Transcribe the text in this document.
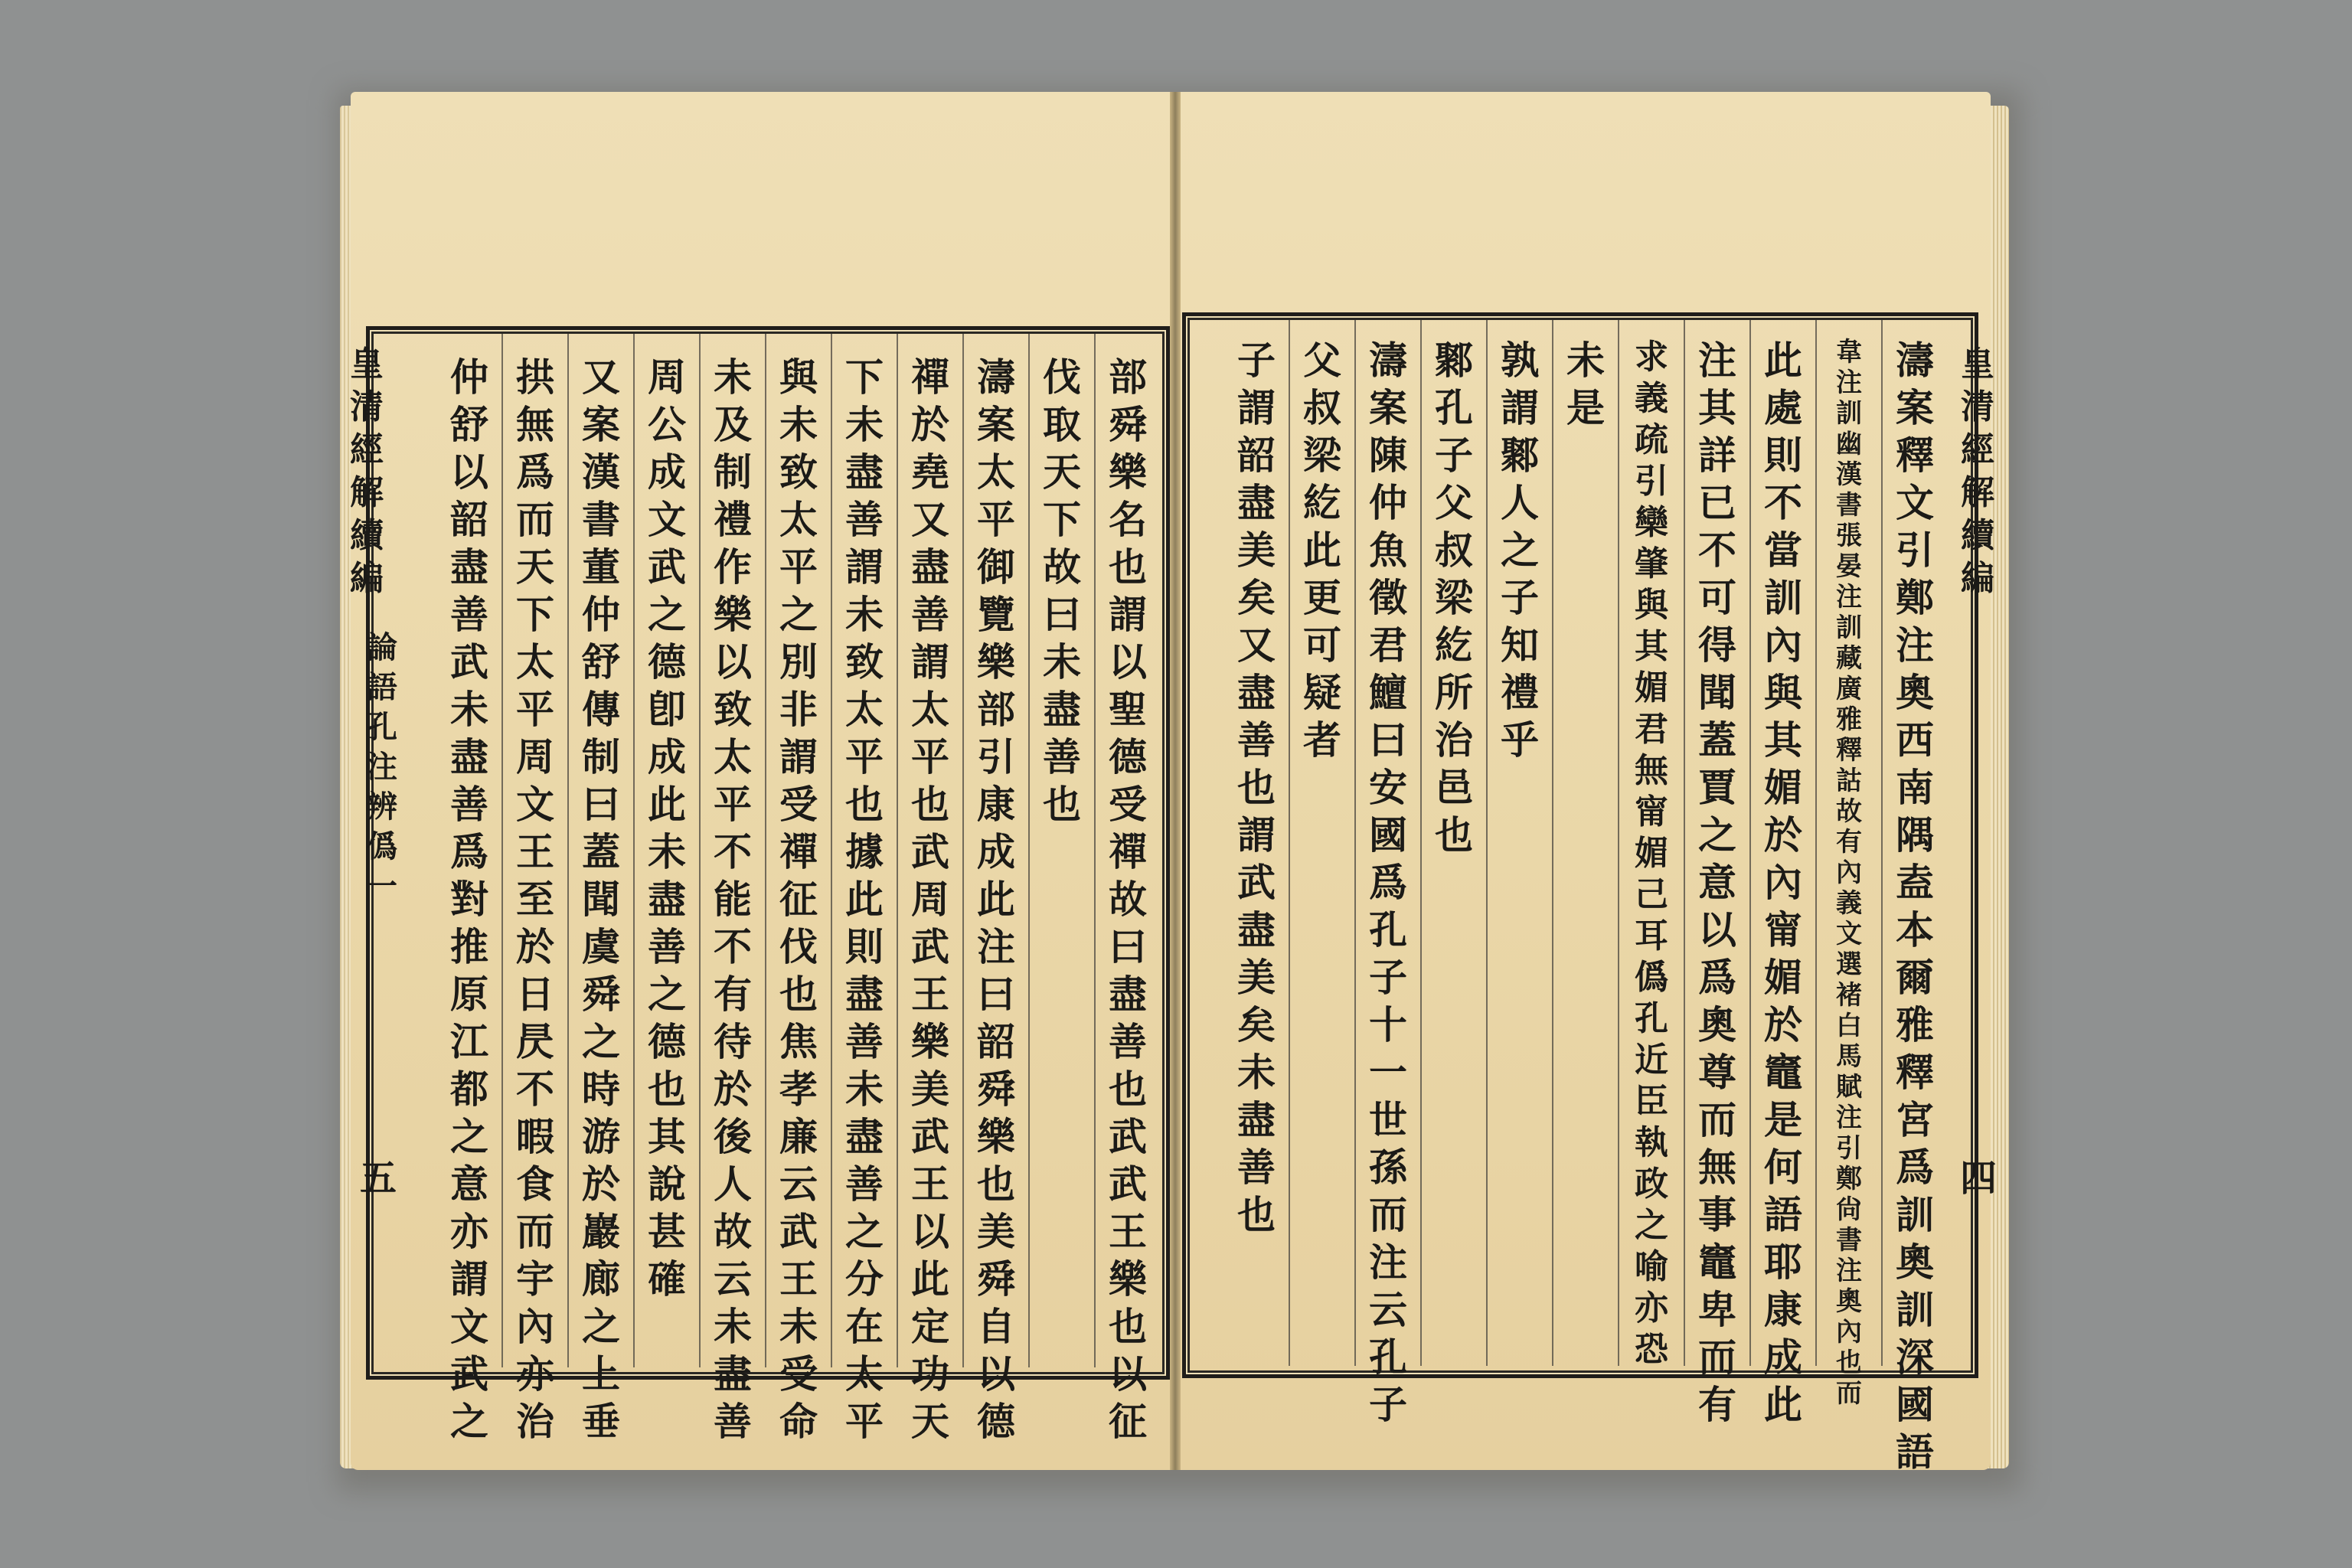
部
舜
樂
名
也
謂
以
聖
德
受
禪
故
曰
盡
善
也
武
武
王
樂
也
以
征
伐
取
天
下
故
曰
未
盡
善
也
濤
案
太
平
御
覽
樂
部
引
康
成
此
注
曰
韶
舜
樂
也
美
舜
自
以
德
禪
於
堯
又
盡
善
謂
太
平
也
武
周
武
王
樂
美
武
王
以
此
定
功
天
下
未
盡
善
謂
未
致
太
平
也
據
此
則
盡
善
未
盡
善
之
分
在
太
平
與
未
致
太
平
之
別
非
謂
受
禪
征
伐
也
焦
孝
廉
云
武
王
未
受
命
未
及
制
禮
作
樂
以
致
太
平
不
能
不
有
待
於
後
人
故
云
未
盡
善
周
公
成
文
武
之
德
卽
成
此
未
盡
善
之
德
也
其
說
甚
確
又
案
漢
書
董
仲
舒
傳
制
曰
蓋
聞
虞
舜
之
時
游
於
巖
廊
之
上
垂
拱
無
爲
而
天
下
太
平
周
文
王
至
於
日
昃
不
暇
食
而
宇
內
亦
治
仲
舒
以
韶
盡
善
武
未
盡
善
爲
對
推
原
江
都
之
意
亦
謂
文
武
之
濤
案
釋
文
引
鄭
注
奧
西
南
隅
盍
本
爾
雅
釋
宮
爲
訓
奧
訓
深
國
語
韋
注
訓
幽
漢
書
張
晏
注
訓
藏
廣
雅
釋
詁
故
有
內
義
文
選
褚
白
馬
賦
注
引
鄭
尙
書
注
奧
內
也
而
此
處
則
不
當
訓
內
與
其
媚
於
內
甯
媚
於
竈
是
何
語
耶
康
成
此
注
其
詳
已
不
可
得
聞
蓋
賈
之
意
以
爲
奧
尊
而
無
事
竈
卑
而
有
求
義
疏
引
欒
肇
與
其
媚
君
無
甯
媚
己
耳
僞
孔
近
臣
執
政
之
喻
亦
恐
未
是
孰
謂
鄹
人
之
子
知
禮
乎
鄹
孔
子
父
叔
梁
紇
所
治
邑
也
濤
案
陳
仲
魚
徵
君
鱣
曰
安
國
爲
孔
子
十
一
世
孫
而
注
云
孔
子
父
叔
梁
紇
此
更
可
疑
者
子
謂
韶
盡
美
矣
又
盡
善
也
謂
武
盡
美
矣
未
盡
善
也
皇
清
經
解
續
編
論
語
孔
注
辨
僞
一
五
皇
清
經
解
續
編
四
